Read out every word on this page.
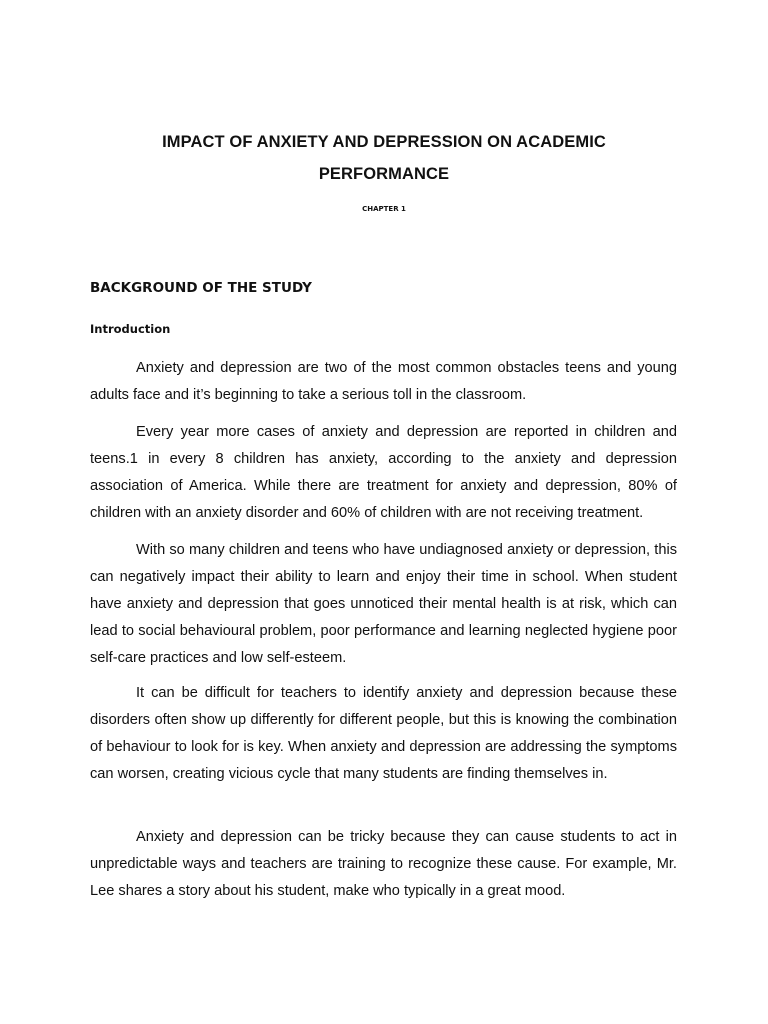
IMPACT OF ANXIETY AND DEPRESSION ON ACADEMIC
PERFORMANCE

CHAPTER 1

BACKGROUND OF THE STUDY
Introduction

Anxiety and depression are two of the most common obstacles teens and young adults face and it’s beginning to take a serious toll in the classroom.

Every year more cases of anxiety and depression are reported in children and teens.1 in every 8 children has anxiety, according to the anxiety and depression association of America. While there are treatment for anxiety and depression, 80% of children with an anxiety disorder and 60% of children with are not receiving treatment.

With so many children and teens who have undiagnosed anxiety or depression, this can negatively impact their ability to learn and enjoy their time in school. When student have anxiety and depression that goes unnoticed their mental health is at risk, which can lead to social behavioural problem, poor performance and learning neglected hygiene poor self-care practices and low self-esteem.

It can be difficult for teachers to identify anxiety and depression because these disorders often show up differently for different people, but this is knowing the combination of behaviour to look for is key. When anxiety and depression are addressing the symptoms can worsen, creating vicious cycle that many students are finding themselves in.

Anxiety and depression can be tricky because they can cause students to act in unpredictable ways and teachers are training to recognize these cause. For example, Mr. Lee shares a story about his student, make who typically in a great mood.
